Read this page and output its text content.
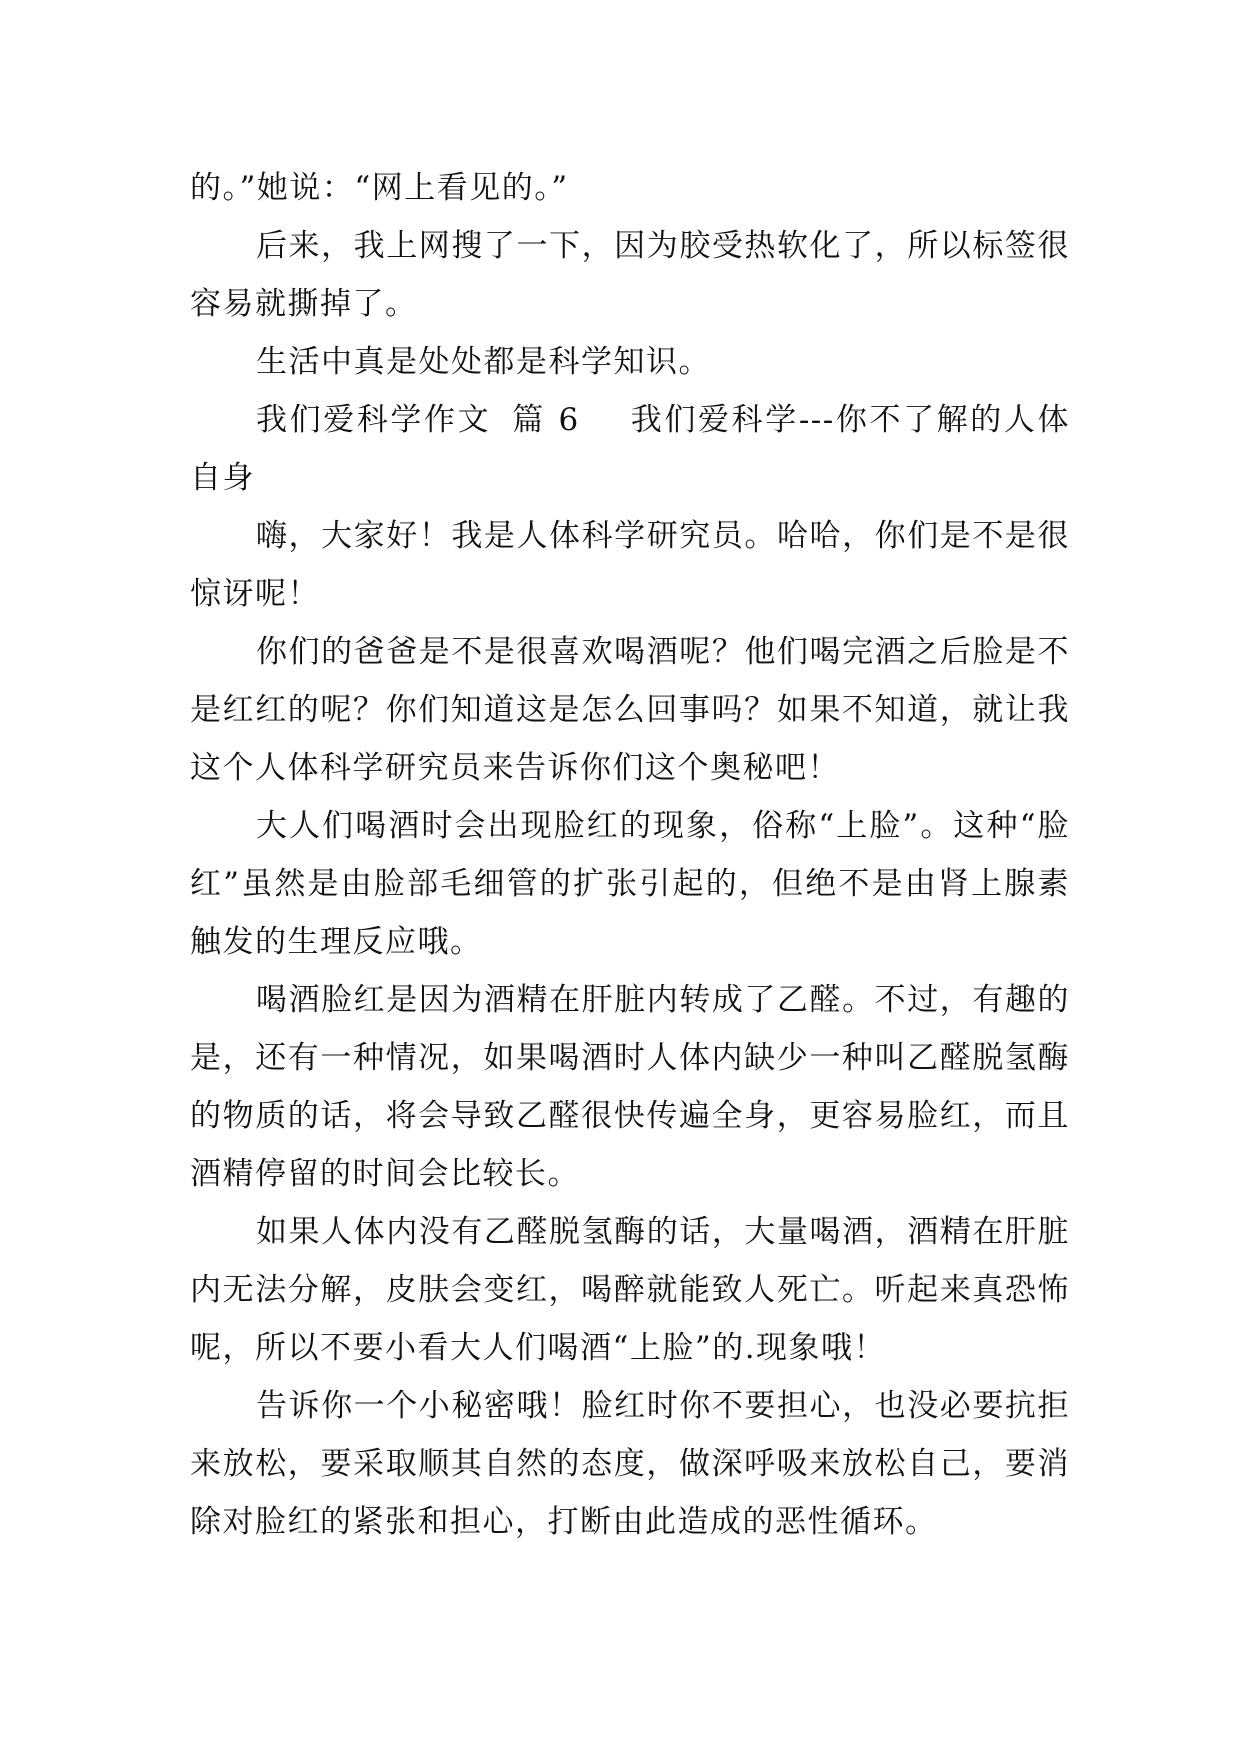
的。”她说：“网上看见的。”

后来，我上网搜了一下，因为胶受热软化了，所以标签很容易就撕掉了。

生活中真是处处都是科学知识。

我们爱科学作文 篇 6 我们爱科学---你不了解的人体自身

嗨，大家好！我是人体科学研究员。哈哈，你们是不是很惊讶呢！

你们的爸爸是不是很喜欢喝酒呢？他们喝完酒之后脸是不是红红的呢？你们知道这是怎么回事吗？如果不知道，就让我这个人体科学研究员来告诉你们这个奥秘吧！

大人们喝酒时会出现脸红的现象，俗称“上脸”。这种“脸红”虽然是由脸部毛细管的扩张引起的，但绝不是由肾上腺素触发的生理反应哦。

喝酒脸红是因为酒精在肝脏内转成了乙醛。不过，有趣的是，还有一种情况，如果喝酒时人体内缺少一种叫乙醛脱氢酶的物质的话，将会导致乙醛很快传遍全身，更容易脸红，而且酒精停留的时间会比较长。

如果人体内没有乙醛脱氢酶的话，大量喝酒，酒精在肝脏内无法分解，皮肤会变红，喝醉就能致人死亡。听起来真恐怖呢，所以不要小看大人们喝酒“上脸”的.现象哦！

告诉你一个小秘密哦！脸红时你不要担心，也没必要抗拒来放松，要采取顺其自然的态度，做深呼吸来放松自己，要消除对脸红的紧张和担心，打断由此造成的恶性循环。
